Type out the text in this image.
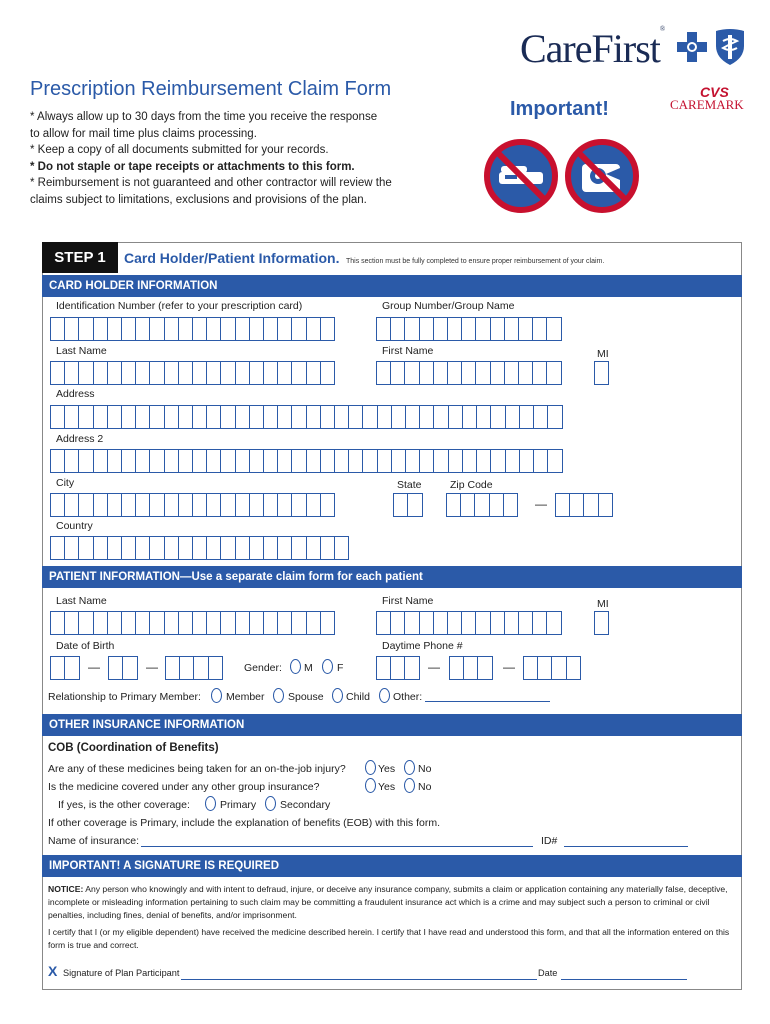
CareFirst®
Prescription Reimbursement Claim Form
* Always allow up to 30 days from the time you receive the response
to allow for mail time plus claims processing.
* Keep a copy of all documents submitted for your records.
* Do not staple or tape receipts or attachments to this form.
* Reimbursement is not guaranteed and other contractor will review the
claims subject to limitations, exclusions and provisions of the plan.
Important!
CVS
CAREMARK
STEP 1	Card Holder/Patient Information. This section must be fully completed to ensure proper reimbursement of your claim.
CARD HOLDER INFORMATION
Identification Number (refer to your prescription card)	Group Number/Group Name
Last Name	First Name	MI
Address
Address 2
City	State	Zip Code
—
Country
PATIENT INFORMATION—Use a separate claim form for each patient
Last Name	First Name	MI
Date of Birth	Daytime Phone #
—	—	Gender: M F	—	—
Relationship to Primary Member: Member Spouse Child Other:
OTHER INSURANCE INFORMATION
COB (Coordination of Benefits)
Are any of these medicines being taken for an on-the-job injury?	Yes No
Is the medicine covered under any other group insurance?	Yes No
If yes, is the other coverage:	Primary Secondary
If other coverage is Primary, include the explanation of benefits (EOB) with this form.
Name of insurance:	ID#
IMPORTANT! A SIGNATURE IS REQUIRED
NOTICE: Any person who knowingly and with intent to defraud, injure, or deceive any insurance company, submits a claim or application containing any materially false, deceptive, incomplete or misleading information pertaining to such claim may be committing a fraudulent insurance act which is a crime and may subject such a person to criminal or civil penalties, including fines, denial of benefits, and/or imprisonment.
I certify that I (or my eligible dependent) have received the medicine described herein. I certify that I have read and understood this form, and that all the information entered on this form is true and correct.
X Signature of Plan Participant	Date
